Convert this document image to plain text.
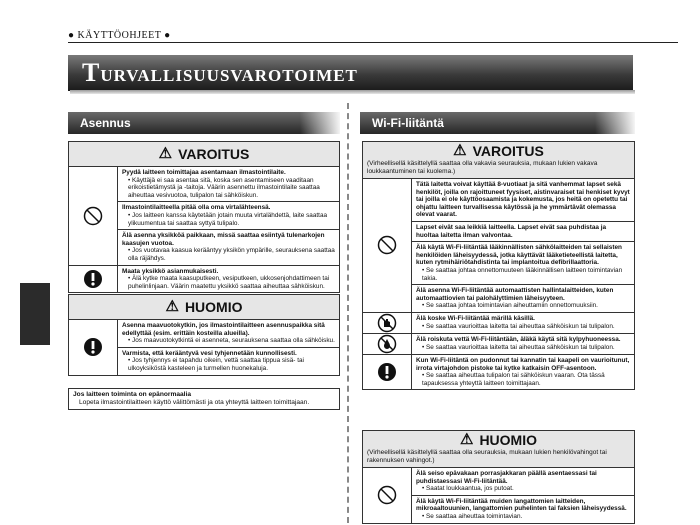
● KÄYTTÖOHJEET ●
TURVALLISUUSVAROTOIMET
Asennus
⚠ VAROITUS
Pyydä laitteen toimittajaa asentamaan ilmastointilaite.
• Käyttäjä ei saa asentaa sitä, koska sen asentamiseen vaaditaan erikoistietämystä ja -taitoja. Väärin asennettu ilmastointilaite saattaa aiheuttaa vesivuotoa, tulipalon tai sähköiskun.
Ilmastointilaitteella pitää olla oma virtalähteensä.
• Jos laitteen kanssa käytetään jotain muuta virtalähdettä, laite saattaa ylikuumentua tai saattaa syttyä tulipalo.
Älä asenna yksikköä paikkaan, missä saattaa esiintyä tulenarkojen kaasujen vuotoa.
• Jos vuotavaa kaasua kerääntyy yksikön ympärille, seurauksena saattaa olla räjähdys.
Maata yksikkö asianmukaisesti.
• Älä kytke maata kaasuputkeen, vesiputkeen, ukkosenjohdattimeen tai puhelinlinjaan. Väärin maatettu yksikkö saattaa aiheuttaa sähköiskun.
⚠ HUOMIO
Asenna maavuotokytkin, jos ilmastointilaitteen asennuspaikka sitä edellyttää (esim. erittäin kosteilla alueilla).
• Jos maavuotokytkintä ei asenneta, seurauksena saattaa olla sähköisku.
Varmista, että kerääntyvä vesi tyhjennetään kunnollisesti.
• Jos tyhjennys ei tapahdu oikein, vettä saattaa tippua sisä- tai ulkoyksiköstä kasteleen ja turmellen huonekaluja.
Jos laitteen toiminta on epänormaalia
Lopeta ilmastointilaitteen käyttö välittömästi ja ota yhteyttä laitteen toimittajaan.
Wi-Fi-liitäntä
⚠ VAROITUS
(Virheellisellä käsittelyllä saattaa olla vakavia seurauksia, mukaan lukien vakava loukkaantuminen tai kuolema.)
Tätä laitetta voivat käyttää 8-vuotiaat ja sitä vanhemmat lapset sekä henkilöt, joilla on rajoittuneet fyysiset, aistinvaraiset tai henkiset kyvyt tai joilla ei ole käyttöosaamista ja kokemusta, jos heitä on opetettu tai ohjattu laitteen turvallisessa käytössä ja he ymmärtävät olemassa olevat vaarat.
Lapset eivät saa leikkiä laitteella. Lapset eivät saa puhdistaa ja huoltaa laitetta ilman valvontaa.
Älä käytä Wi-Fi-liitäntää lääkinnällisten sähkölaitteiden tai sellaisten henkilöiden läheisyydessä, jotka käyttävät lääketieteellistä laitetta, kuten rytmihäiriötahdistinta tai implantoitua defibrillaattoria.
• Se saattaa johtaa onnettomuuteen lääkinnällisen laitteen toimintavian takia.
Älä asenna Wi-Fi-liitäntää automaattisten hallintalaitteiden, kuten automaattiovien tai palohälyttimien läheisyyteen.
• Se saattaa johtaa toimintavian aiheuttamiin onnettomuuksiin.
Älä koske Wi-Fi-liitäntää märillä käsillä.
• Se saattaa vaurioittaa laitetta tai aiheuttaa sähköiskun tai tulipalon.
Älä roiskuta vettä Wi-Fi-liitäntään, äläkä käytä sitä kylpyhuoneessa.
• Se saattaa vaurioittaa laitetta tai aiheuttaa sähköiskun tai tulipalon.
Kun Wi-Fi-liitäntä on pudonnut tai kannatin tai kaapeli on vaurioitunut, irrota virtajohdon pistoke tai kytke katkaisin OFF-asentoon.
• Se saattaa aiheuttaa tulipalon tai sähköiskun vaaran. Ota tässä tapauksessa yhteyttä laitteen toimittajaan.
⚠ HUOMIO
(Virheellisellä käsittelyllä saattaa olla seurauksia, mukaan lukien henkilövahingot tai rakennuksen vahingot.)
Älä seiso epävakaan porrasjakkaran päällä asentaessasi tai puhdistaessasi Wi-Fi-liitäntää.
• Saatat loukkaantua, jos putoat.
Älä käytä Wi-Fi-liitäntää muiden langattomien laitteiden, mikroaaltouunien, langattomien puhelinten tai faksien läheisyydessä.
• Se saattaa aiheuttaa toimintavian.
